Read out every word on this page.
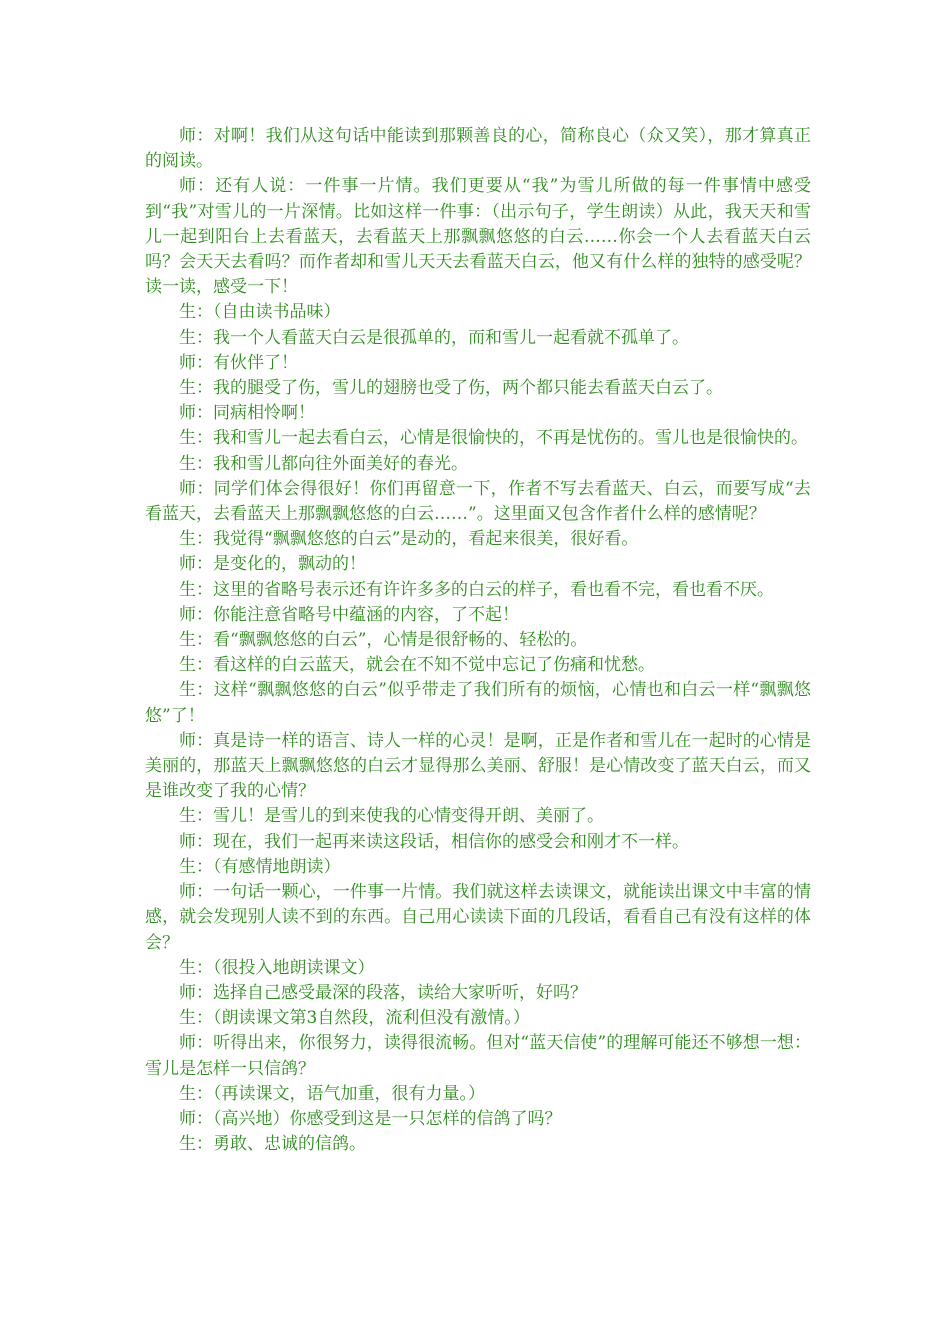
师：对啊！我们从这句话中能读到那颗善良的心，简称良心（众又笑），那才算真正的阅读。

师：还有人说：一件事一片情。我们更要从“我”为雪儿所做的每一件事情中感受到“我”对雪儿的一片深情。比如这样一件事：（出示句子，学生朗读）从此，我天天和雪儿一起到阳台上去看蓝天，去看蓝天上那飘飘悠悠的白云……你会一个人去看蓝天白云吗？会天天去看吗？而作者却和雪儿天天去看蓝天白云，他又有什么样的独特的感受呢？读一读，感受一下！

生：（自由读书品味）

生：我一个人看蓝天白云是很孤单的，而和雪儿一起看就不孤单了。

师：有伙伴了！

生：我的腿受了伤，雪儿的翅膀也受了伤，两个都只能去看蓝天白云了。

师：同病相怜啊！

生：我和雪儿一起去看白云，心情是很愉快的，不再是忧伤的。雪儿也是很愉快的。

生：我和雪儿都向往外面美好的春光。

师：同学们体会得很好！你们再留意一下，作者不写去看蓝天、白云，而要写成“去看蓝天，去看蓝天上那飘飘悠悠的白云……”。这里面又包含作者什么样的感情呢？

生：我觉得“飘飘悠悠的白云”是动的，看起来很美，很好看。

师：是变化的，飘动的！

生：这里的省略号表示还有许许多多的白云的样子，看也看不完，看也看不厌。

师：你能注意省略号中蕴涵的内容，了不起！

生：看“飘飘悠悠的白云”，心情是很舒畅的、轻松的。

生：看这样的白云蓝天，就会在不知不觉中忘记了伤痛和忧愁。

生：这样“飘飘悠悠的白云”似乎带走了我们所有的烦恼，心情也和白云一样“飘飘悠悠”了！

师：真是诗一样的语言、诗人一样的心灵！是啊，正是作者和雪儿在一起时的心情是美丽的，那蓝天上飘飘悠悠的白云才显得那么美丽、舒服！是心情改变了蓝天白云，而又是谁改变了我的心情？

生：雪儿！是雪儿的到来使我的心情变得开朗、美丽了。

师：现在，我们一起再来读这段话，相信你的感受会和刚才不一样。

生：（有感情地朗读）

师：一句话一颗心，一件事一片情。我们就这样去读课文，就能读出课文中丰富的情感，就会发现别人读不到的东西。自己用心读读下面的几段话，看看自己有没有这样的体会？

生：（很投入地朗读课文）

师：选择自己感受最深的段落，读给大家听听，好吗？

生：（朗读课文第3自然段，流利但没有激情。）

师：听得出来，你很努力，读得很流畅。但对“蓝天信使”的理解可能还不够想一想：雪儿是怎样一只信鸽？

生：（再读课文，语气加重，很有力量。）

师：（高兴地）你感受到这是一只怎样的信鸽了吗？

生：勇敢、忠诚的信鸽。
